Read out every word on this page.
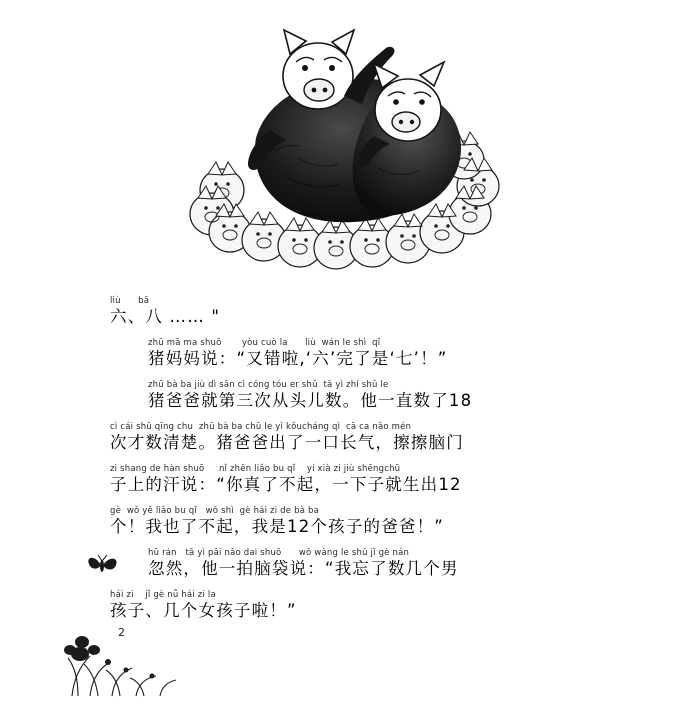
liù      bā
六、八 …… "
zhū mā ma shuō       yòu cuò la      liù  wán le shì  qī
猪妈妈说：“又错啦,‘六’完了是‘七’！”
zhū bà ba jiù dì sān cì cóng tóu er shǔ  tā yì zhí shǔ le
猪爸爸就第三次从头儿数。他一直数了18
cì cái shǔ qīng chu  zhū bà ba chū le yì kǒucháng qì  cā ca nǎo mén
次才数清楚。猪爸爸出了一口长气，擦擦脑门
zi shang de hàn shuō     nǐ zhēn liǎo bu qǐ    yí xià zi jiù shēngchū
子上的汗说：“你真了不起，一下子就生出12
gè  wǒ yě liǎo bu qǐ   wǒ shì  gè hái zi de bà ba
个！我也了不起，我是12个孩子的爸爸！”
hū rán   tā yì pāi nǎo dai shuō      wǒ wàng le shǔ jǐ gè nán
忽然，他一拍脑袋说：“我忘了数几个男
hái zi    jǐ gè nǚ hái zi la
孩子、几个女孩子啦！”
2
